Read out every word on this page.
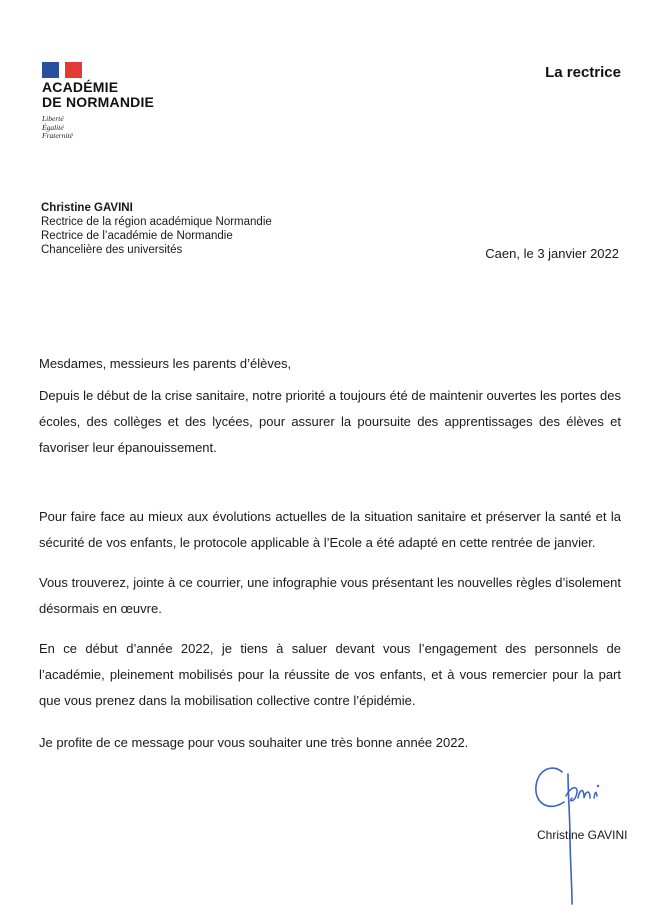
ACADÉMIE
DE NORMANDIE
Liberté
Égalité
Fraternité
La rectrice
Christine GAVINI
Rectrice de la région académique Normandie
Rectrice de l’académie de Normandie
Chancelière des universités	Caen, le 3 janvier 2022
Mesdames, messieurs les parents d’élèves,

Depuis le début de la crise sanitaire, notre priorité a toujours été de maintenir ouvertes les portes des écoles, des collèges et des lycées, pour assurer la poursuite des apprentissages des élèves et favoriser leur épanouissement.

Pour faire face au mieux aux évolutions actuelles de la situation sanitaire et préserver la santé et la sécurité de vos enfants, le protocole applicable à l’Ecole a été adapté en cette rentrée de janvier.

Vous trouverez, jointe à ce courrier, une infographie vous présentant les nouvelles règles d’isolement désormais en œuvre.

En ce début d’année 2022, je tiens à saluer devant vous l’engagement des personnels de l’académie, pleinement mobilisés pour la réussite de vos enfants, et à vous remercier pour la part que vous prenez dans la mobilisation collective contre l’épidémie.

Je profite de ce message pour vous souhaiter une très bonne année 2022.

Christine GAVINI
